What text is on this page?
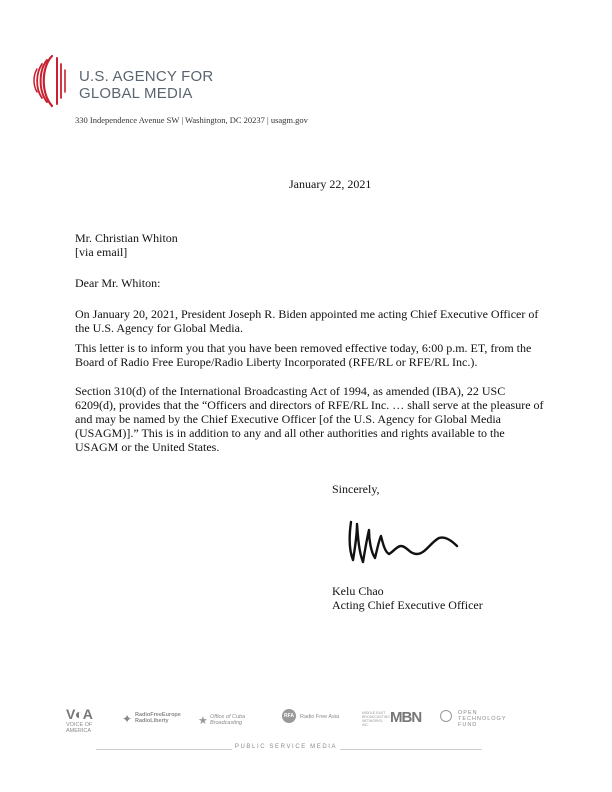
U.S. AGENCY FOR
GLOBAL MEDIA
330 Independence Avenue SW | Washington, DC 20237 | usagm.gov
January 22, 2021
Mr. Christian Whiton
[via email]
Dear Mr. Whiton:
On January 20, 2021, President Joseph R. Biden appointed me acting Chief Executive Officer of the U.S. Agency for Global Media.
This letter is to inform you that you have been removed effective today, 6:00 p.m. ET, from the Board of Radio Free Europe/Radio Liberty Incorporated (RFE/RL or RFE/RL Inc.).
Section 310(d) of the International Broadcasting Act of 1994, as amended (IBA), 22 USC 6209(d), provides that the “Officers and directors of RFE/RL Inc. … shall serve at the pleasure of and may be named by the Chief Executive Officer [of the U.S. Agency for Global Media (USAGM)].” This is in addition to any and all other authorities and rights available to the USAGM or the United States.
Sincerely,
Kelu Chao
Acting Chief Executive Officer
V◐A
VOICE OF AMERICA
✦ RadioFreeEurope RadioLiberty	★ Office of Cuba Broadcasting
RFA	Radio Free Asia
MIDDLE EAST BROADCASTING NETWORKS, INC.	MBN	OPEN TECHNOLOGY FUND
PUBLIC SERVICE MEDIA
